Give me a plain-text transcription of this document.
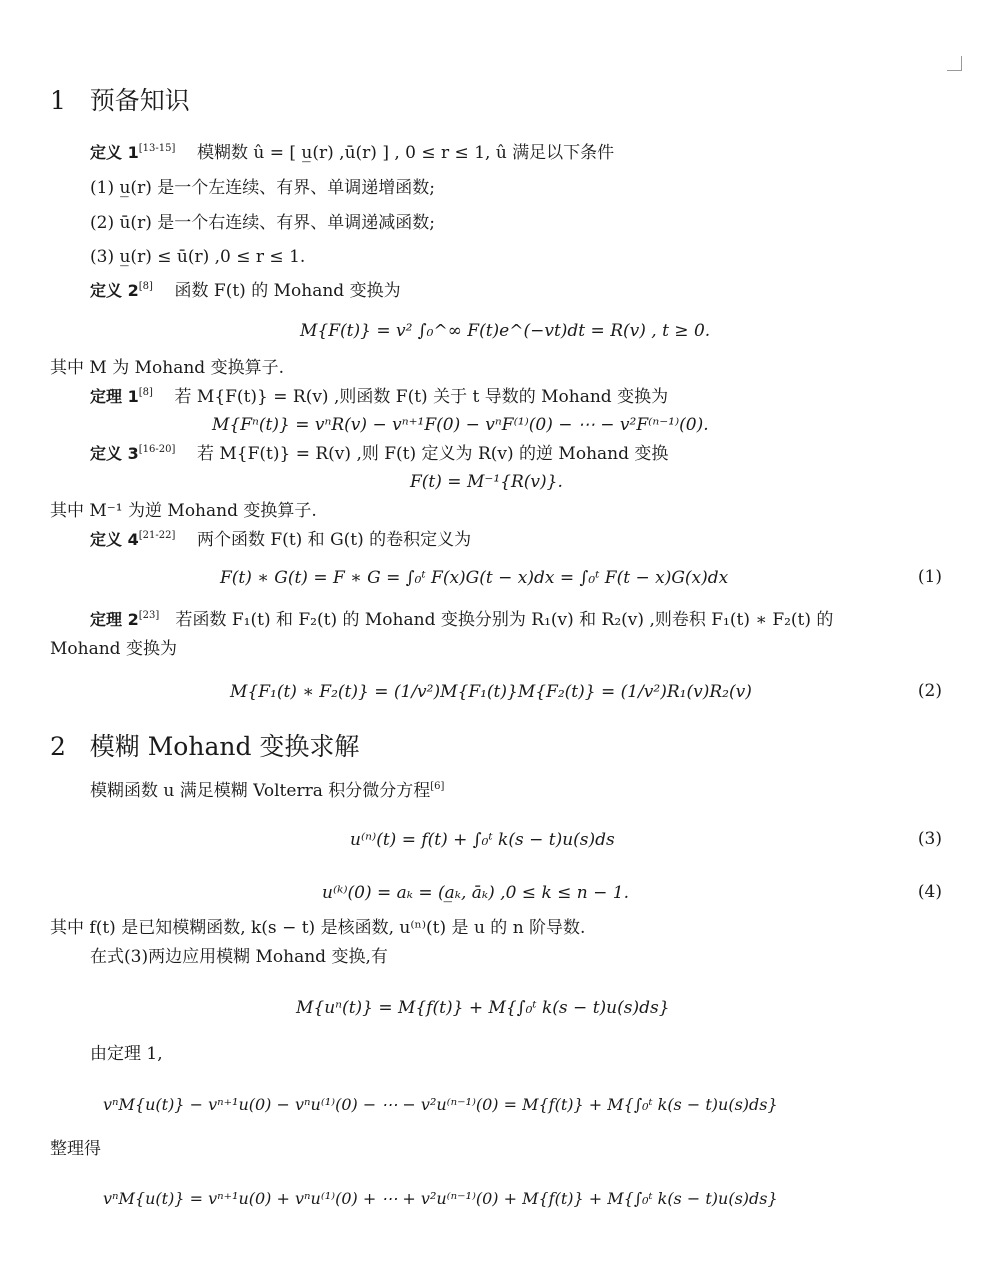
1 预备知识
定义 1[13-15] 模糊数 û = [ u̲(r) ,ū(r) ] , 0 ≤ r ≤ 1, û 满足以下条件
(1) u̲(r) 是一个左连续、有界、单调递增函数;
(2) ū(r) 是一个右连续、有界、单调递减函数;
(3) u̲(r) ≤ ū(r) ,0 ≤ r ≤ 1.
定义 2[8] 函数 F(t) 的 Mohand 变换为
M{F(t)} = v² ∫₀^∞ F(t)e^(−vt)dt = R(v) , t ≥ 0.
其中 M 为 Mohand 变换算子.
定理 1[8] 若 M{F(t)} = R(v) ,则函数 F(t) 关于 t 导数的 Mohand 变换为
M{Fⁿ(t)} = vⁿR(v) − vⁿ⁺¹F(0) − vⁿF⁽¹⁾(0) − ⋯ − v²F⁽ⁿ⁻¹⁾(0).
定义 3[16-20] 若 M{F(t)} = R(v) ,则 F(t) 定义为 R(v) 的逆 Mohand 变换
F(t) = M⁻¹{R(v)}.
其中 M⁻¹ 为逆 Mohand 变换算子.
定义 4[21-22] 两个函数 F(t) 和 G(t) 的卷积定义为
F(t) ∗ G(t) = F ∗ G = ∫₀ᵗ F(x)G(t − x)dx = ∫₀ᵗ F(t − x)G(x)dx	(1)
定理 2[23] 若函数 F₁(t) 和 F₂(t) 的 Mohand 变换分别为 R₁(v) 和 R₂(v) ,则卷积 F₁(t) ∗ F₂(t) 的
Mohand 变换为
M{F₁(t) ∗ F₂(t)} = (1/v²)M{F₁(t)}M{F₂(t)} = (1/v²)R₁(v)R₂(v)	(2)
2 模糊 Mohand 变换求解
模糊函数 u 满足模糊 Volterra 积分微分方程[6]
u⁽ⁿ⁾(t) = f(t) + ∫₀ᵗ k(s − t)u(s)ds	(3)
u⁽ᵏ⁾(0) = aₖ = (a̲ₖ, āₖ) ,0 ≤ k ≤ n − 1.	(4)
其中 f(t) 是已知模糊函数, k(s − t) 是核函数, u⁽ⁿ⁾(t) 是 u 的 n 阶导数.
在式(3)两边应用模糊 Mohand 变换,有
M{uⁿ(t)} = M{f(t)} + M{∫₀ᵗ k(s − t)u(s)ds}
由定理 1,
vⁿM{u(t)} − vⁿ⁺¹u(0) − vⁿu⁽¹⁾(0) − ⋯ − v²u⁽ⁿ⁻¹⁾(0) = M{f(t)} + M{∫₀ᵗ k(s − t)u(s)ds}
整理得
vⁿM{u(t)} = vⁿ⁺¹u(0) + vⁿu⁽¹⁾(0) + ⋯ + v²u⁽ⁿ⁻¹⁾(0) + M{f(t)} + M{∫₀ᵗ k(s − t)u(s)ds}
